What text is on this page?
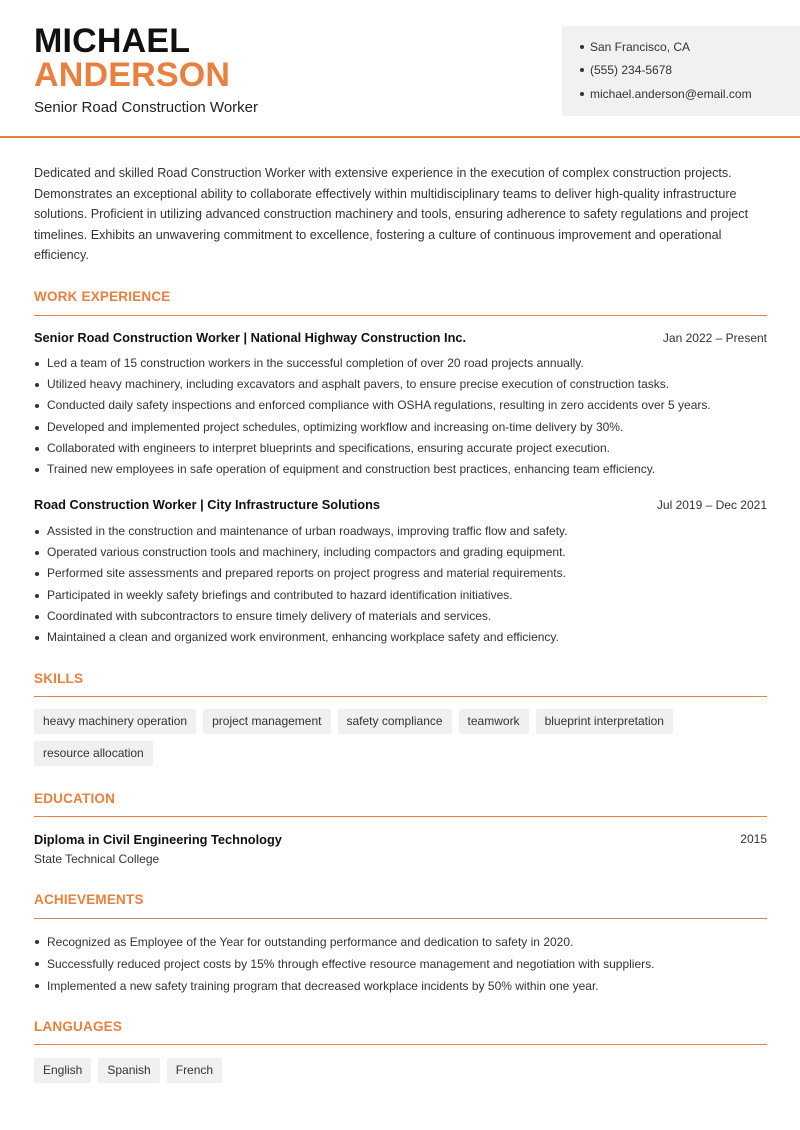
MICHAEL
ANDERSON
Senior Road Construction Worker
San Francisco, CA
(555) 234-5678
michael.anderson@email.com
Dedicated and skilled Road Construction Worker with extensive experience in the execution of complex construction projects. Demonstrates an exceptional ability to collaborate effectively within multidisciplinary teams to deliver high-quality infrastructure solutions. Proficient in utilizing advanced construction machinery and tools, ensuring adherence to safety regulations and project timelines. Exhibits an unwavering commitment to excellence, fostering a culture of continuous improvement and operational efficiency.
WORK EXPERIENCE
Senior Road Construction Worker | National Highway Construction Inc.	Jan 2022 – Present
Led a team of 15 construction workers in the successful completion of over 20 road projects annually.
Utilized heavy machinery, including excavators and asphalt pavers, to ensure precise execution of construction tasks.
Conducted daily safety inspections and enforced compliance with OSHA regulations, resulting in zero accidents over 5 years.
Developed and implemented project schedules, optimizing workflow and increasing on-time delivery by 30%.
Collaborated with engineers to interpret blueprints and specifications, ensuring accurate project execution.
Trained new employees in safe operation of equipment and construction best practices, enhancing team efficiency.
Road Construction Worker | City Infrastructure Solutions	Jul 2019 – Dec 2021
Assisted in the construction and maintenance of urban roadways, improving traffic flow and safety.
Operated various construction tools and machinery, including compactors and grading equipment.
Performed site assessments and prepared reports on project progress and material requirements.
Participated in weekly safety briefings and contributed to hazard identification initiatives.
Coordinated with subcontractors to ensure timely delivery of materials and services.
Maintained a clean and organized work environment, enhancing workplace safety and efficiency.
SKILLS
heavy machinery operation project management safety compliance teamwork blueprint interpretationresource allocation
EDUCATION
Diploma in Civil Engineering Technology	2015
State Technical College
ACHIEVEMENTS
Recognized as Employee of the Year for outstanding performance and dedication to safety in 2020.
Successfully reduced project costs by 15% through effective resource management and negotiation with suppliers.
Implemented a new safety training program that decreased workplace incidents by 50% within one year.
LANGUAGES
English Spanish French
